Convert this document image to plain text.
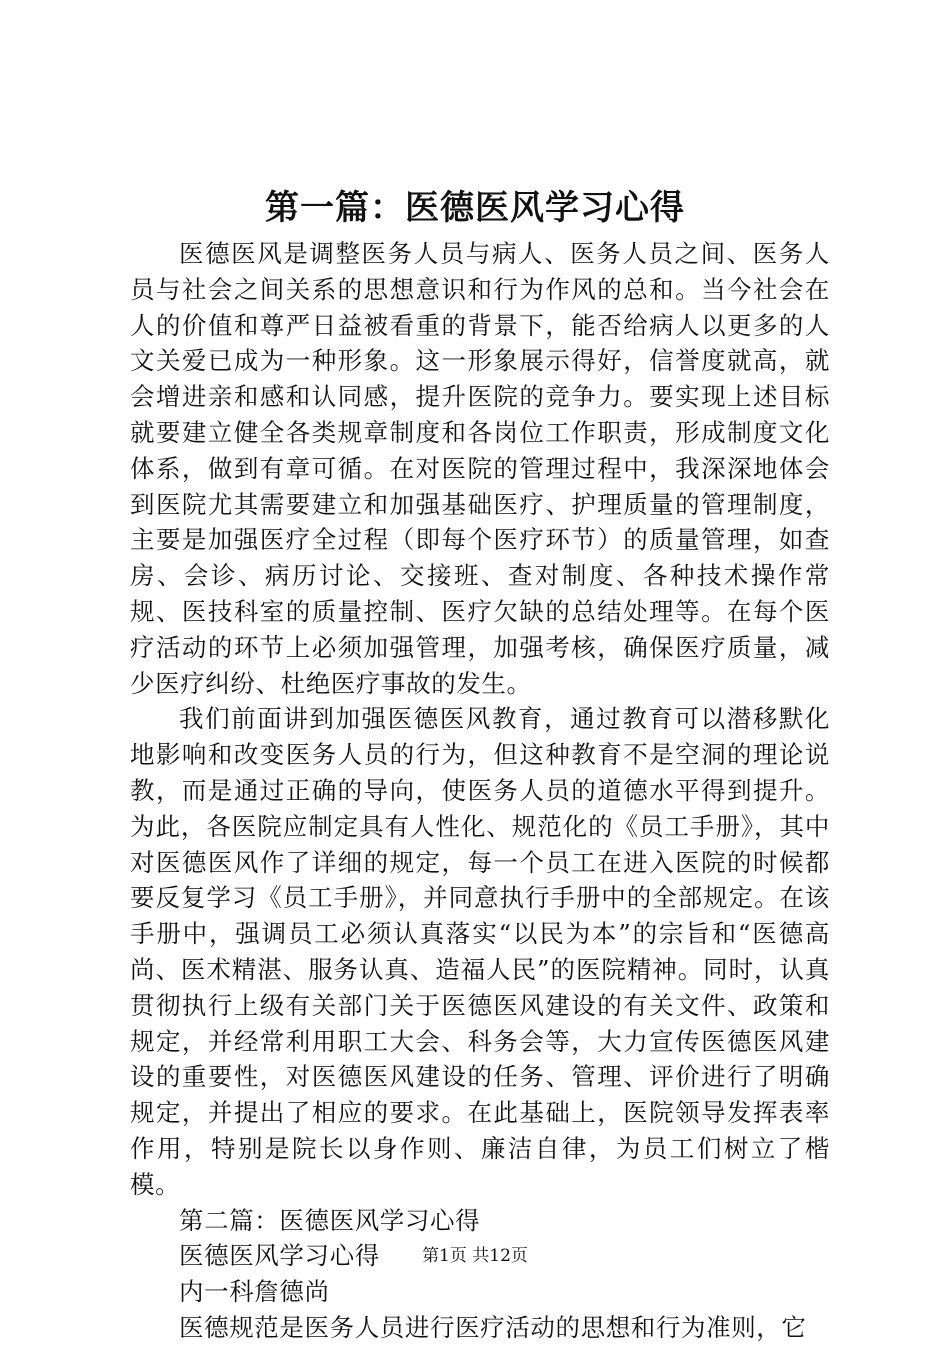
第一篇：医德医风学习心得

医德医风是调整医务人员与病人、医务人员之间、医务人员与社会之间关系的思想意识和行为作风的总和。当今社会在人的价值和尊严日益被看重的背景下，能否给病人以更多的人文关爱已成为一种形象。这一形象展示得好，信誉度就高，就会增进亲和感和认同感，提升医院的竞争力。要实现上述目标就要建立健全各类规章制度和各岗位工作职责，形成制度文化体系，做到有章可循。在对医院的管理过程中，我深深地体会到医院尤其需要建立和加强基础医疗、护理质量的管理制度，主要是加强医疗全过程（即每个医疗环节）的质量管理，如查房、会诊、病历讨论、交接班、查对制度、各种技术操作常规、医技科室的质量控制、医疗欠缺的总结处理等。在每个医疗活动的环节上必须加强管理，加强考核，确保医疗质量，减少医疗纠纷、杜绝医疗事故的发生。

我们前面讲到加强医德医风教育，通过教育可以潜移默化地影响和改变医务人员的行为，但这种教育不是空洞的理论说教，而是通过正确的导向，使医务人员的道德水平得到提升。为此，各医院应制定具有人性化、规范化的《员工手册》，其中对医德医风作了详细的规定，每一个员工在进入医院的时候都要反复学习《员工手册》，并同意执行手册中的全部规定。在该手册中，强调员工必须认真落实“以民为本”的宗旨和“医德高尚、医术精湛、服务认真、造福人民”的医院精神。同时，认真贯彻执行上级有关部门关于医德医风建设的有关文件、政策和规定，并经常利用职工大会、科务会等，大力宣传医德医风建设的重要性，对医德医风建设的任务、管理、评价进行了明确规定，并提出了相应的要求。在此基础上，医院领导发挥表率作用，特别是院长以身作则、廉洁自律，为员工们树立了楷模。

第二篇：医德医风学习心得

医德医风学习心得

内一科詹德尚

医德规范是医务人员进行医疗活动的思想和行为准则，它

第1页 共12页
